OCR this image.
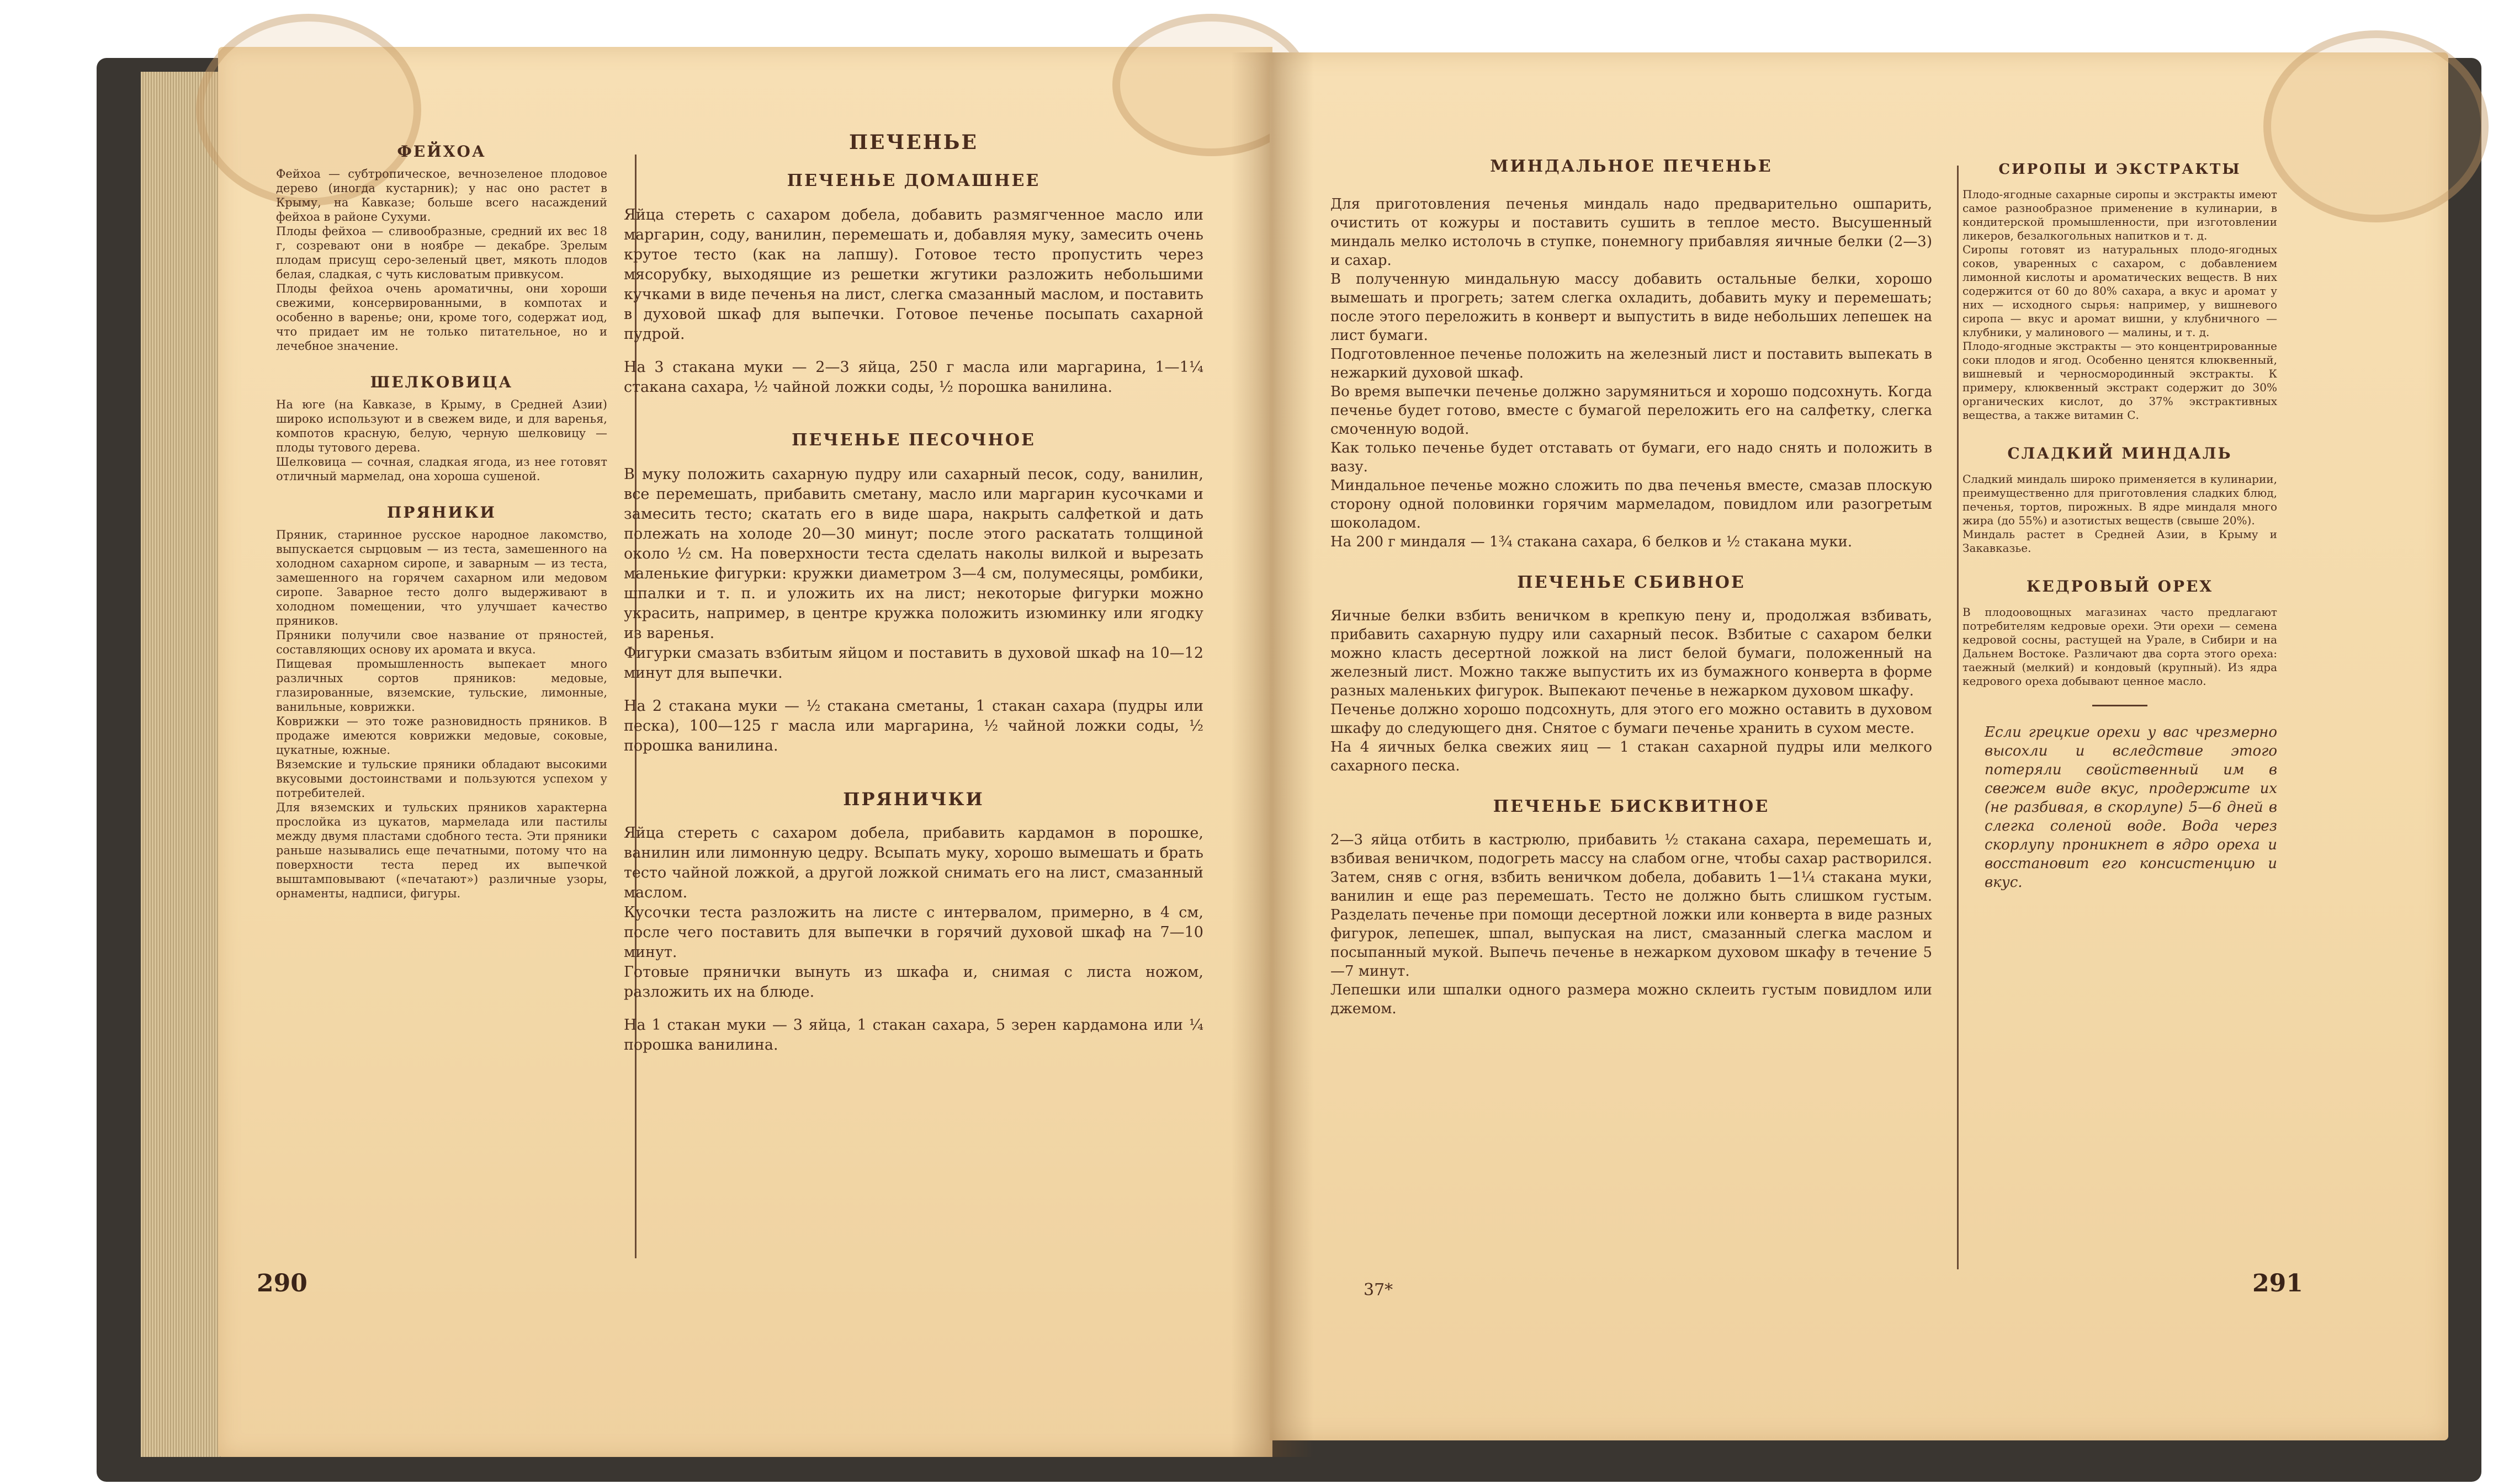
ФЕЙХОА

Фейхоа — субтропическое, вечнозеленое плодовое дерево (иногда кустарник); у нас оно растет в Крыму, на Кавказе; больше всего насаждений фейхоа в районе Сухуми.

Плоды фейхоа — сливообразные, средний их вес 18 г, созревают они в ноябре — декабре. Зрелым плодам присущ серо-зеленый цвет, мякоть плодов белая, сладкая, с чуть кисловатым привкусом.

Плоды фейхоа очень ароматичны, они хороши свежими, консервированными, в компотах и особенно в варенье; они, кроме того, содержат иод, что придает им не только питательное, но и лечебное значение.

ШЕЛКОВИЦА

На юге (на Кавказе, в Крыму, в Средней Азии) широко используют и в свежем виде, и для варенья, компотов красную, белую, черную шелковицу — плоды тутового дерева.

Шелковица — сочная, сладкая ягода, из нее готовят отличный мармелад, она хороша сушеной.

ПРЯНИКИ

Пряник, старинное русское народное лакомство, выпускается сырцовым — из теста, замешенного на холодном сахарном сиропе, и заварным — из теста, замешенного на горячем сахарном или медовом сиропе. Заварное тесто долго выдерживают в холодном помещении, что улучшает качество пряников.

Пряники получили свое название от пряностей, составляющих основу их аромата и вкуса.

Пищевая промышленность выпекает много различных сортов пряников: медовые, глазированные, вяземские, тульские, лимонные, ванильные, коврижки.

Коврижки — это тоже разновидность пряников. В продаже имеются коврижки медовые, соковые, цукатные, южные.

Вяземские и тульские пряники обладают высокими вкусовыми достоинствами и пользуются успехом у потребителей.

Для вяземских и тульских пряников характерна прослойка из цукатов, мармелада или пастилы между двумя пластами сдобного теста. Эти пряники раньше назывались еще печатными, потому что на поверхности теста перед их выпечкой выштамповывают («печатают») различные узоры, орнаменты, надписи, фигуры.

ПЕЧЕНЬЕ
ПЕЧЕНЬЕ ДОМАШНЕЕ

Яйца стереть с сахаром добела, добавить размягченное масло или маргарин, соду, ванилин, перемешать и, добавляя муку, замесить очень крутое тесто (как на лапшу). Готовое тесто пропустить через мясорубку, выходящие из решетки жгутики разложить небольшими кучками в виде печенья на лист, слегка смазанный маслом, и поставить в духовой шкаф для выпечки. Готовое печенье посыпать сахарной пудрой.

На 3 стакана муки — 2—3 яйца, 250 г масла или маргарина, 1—1¼ стакана сахара, ½ чайной ложки соды, ½ порошка ванилина.

ПЕЧЕНЬЕ ПЕСОЧНОЕ

В муку положить сахарную пудру или сахарный песок, соду, ванилин, все перемешать, прибавить сметану, масло или маргарин кусочками и замесить тесто; скатать его в виде шара, накрыть салфеткой и дать полежать на холоде 20—30 минут; после этого раскатать толщиной около ½ см. На поверхности теста сделать наколы вилкой и вырезать маленькие фигурки: кружки диаметром 3—4 см, полумесяцы, ромбики, шпалки и т. п. и уложить их на лист; некоторые фигурки можно украсить, например, в центре кружка положить изюминку или ягодку из варенья.

Фигурки смазать взбитым яйцом и поставить в духовой шкаф на 10—12 минут для выпечки.

На 2 стакана муки — ½ стакана сметаны, 1 стакан сахара (пудры или песка), 100—125 г масла или маргарина, ½ чайной ложки соды, ½ порошка ванилина.

ПРЯНИЧКИ

Яйца стереть с сахаром добела, прибавить кардамон в порошке, ванилин или лимонную цедру. Всыпать муку, хорошо вымешать и брать тесто чайной ложкой, а другой ложкой снимать его на лист, смазанный маслом.

Кусочки теста разложить на листе с интервалом, примерно, в 4 см, после чего поставить для выпечки в горячий духовой шкаф на 7—10 минут.

Готовые прянички вынуть из шкафа и, снимая с листа ножом, разложить их на блюде.

На 1 стакан муки — 3 яйца, 1 стакан сахара, 5 зерен кардамона или ¼ порошка ванилина.

290
МИНДАЛЬНОЕ ПЕЧЕНЬЕ

Для приготовления печенья миндаль надо предварительно ошпарить, очистить от кожуры и поставить сушить в теплое место. Высушенный миндаль мелко истолочь в ступке, понемногу прибавляя яичные белки (2—3) и сахар.

В полученную миндальную массу добавить остальные белки, хорошо вымешать и прогреть; затем слегка охладить, добавить муку и перемешать; после этого переложить в конверт и выпустить в виде небольших лепешек на лист бумаги.

Подготовленное печенье положить на железный лист и поставить выпекать в нежаркий духовой шкаф.

Во время выпечки печенье должно зарумяниться и хорошо подсохнуть. Когда печенье будет готово, вместе с бумагой переложить его на салфетку, слегка смоченную водой.

Как только печенье будет отставать от бумаги, его надо снять и положить в вазу.

Миндальное печенье можно сложить по два печенья вместе, смазав плоскую сторону одной половинки горячим мармеладом, повидлом или разогретым шоколадом.

На 200 г миндаля — 1¾ стакана сахара, 6 белков и ½ стакана муки.

ПЕЧЕНЬЕ СБИВНОЕ

Яичные белки взбить веничком в крепкую пену и, продолжая взбивать, прибавить сахарную пудру или сахарный песок. Взбитые с сахаром белки можно класть десертной ложкой на лист белой бумаги, положенный на железный лист. Можно также выпустить их из бумажного конверта в форме разных маленьких фигурок. Выпекают печенье в нежарком духовом шкафу.

Печенье должно хорошо подсохнуть, для этого его можно оставить в духовом шкафу до следующего дня. Снятое с бумаги печенье хранить в сухом месте.

На 4 яичных белка свежих яиц — 1 стакан сахарной пудры или мелкого сахарного песка.

ПЕЧЕНЬЕ БИСКВИТНОЕ

2—3 яйца отбить в кастрюлю, прибавить ½ стакана сахара, перемешать и, взбивая веничком, подогреть массу на слабом огне, чтобы сахар растворился. Затем, сняв с огня, взбить веничком добела, добавить 1—1¼ стакана муки, ванилин и еще раз перемешать. Тесто не должно быть слишком густым. Разделать печенье при помощи десертной ложки или конверта в виде разных фигурок, лепешек, шпал, выпуская на лист, смазанный слегка маслом и посыпанный мукой. Выпечь печенье в нежарком духовом шкафу в течение 5—7 минут.

Лепешки или шпалки одного размера можно склеить густым повидлом или джемом.

37*
СИРОПЫ И ЭКСТРАКТЫ

Плодо-ягодные сахарные сиропы и экстракты имеют самое разнообразное применение в кулинарии, в кондитерской промышленности, при изготовлении ликеров, безалкогольных напитков и т. д.

Сиропы готовят из натуральных плодо-ягодных соков, уваренных с сахаром, с добавлением лимонной кислоты и ароматических веществ. В них содержится от 60 до 80% сахара, а вкус и аромат у них — исходного сырья: например, у вишневого сиропа — вкус и аромат вишни, у клубничного — клубники, у малинового — малины, и т. д.

Плодо-ягодные экстракты — это концентрированные соки плодов и ягод. Особенно ценятся клюквенный, вишневый и черносмородинный экстракты. К примеру, клюквенный экстракт содержит до 30% органических кислот, до 37% экстрактивных вещества, а также витамин С.

СЛАДКИЙ МИНДАЛЬ

Сладкий миндаль широко применяется в кулинарии, преимущественно для приготовления сладких блюд, печенья, тортов, пирожных. В ядре миндаля много жира (до 55%) и азотистых веществ (свыше 20%).

Миндаль растет в Средней Азии, в Крыму и Закавказье.

КЕДРОВЫЙ ОРЕХ

В плодоовощных магазинах часто предлагают потребителям кедровые орехи. Эти орехи — семена кедровой сосны, растущей на Урале, в Сибири и на Дальнем Востоке. Различают два сорта этого ореха: таежный (мелкий) и кондовый (крупный). Из ядра кедрового ореха добывают ценное масло.

Если грецкие орехи у вас чрезмерно высохли и вследствие этого потеряли свойственный им в свежем виде вкус, продержите их (не разбивая, в скорлупе) 5—6 дней в слегка соленой воде. Вода через скорлупу проникнет в ядро ореха и восстановит его консистенцию и вкус.

291
